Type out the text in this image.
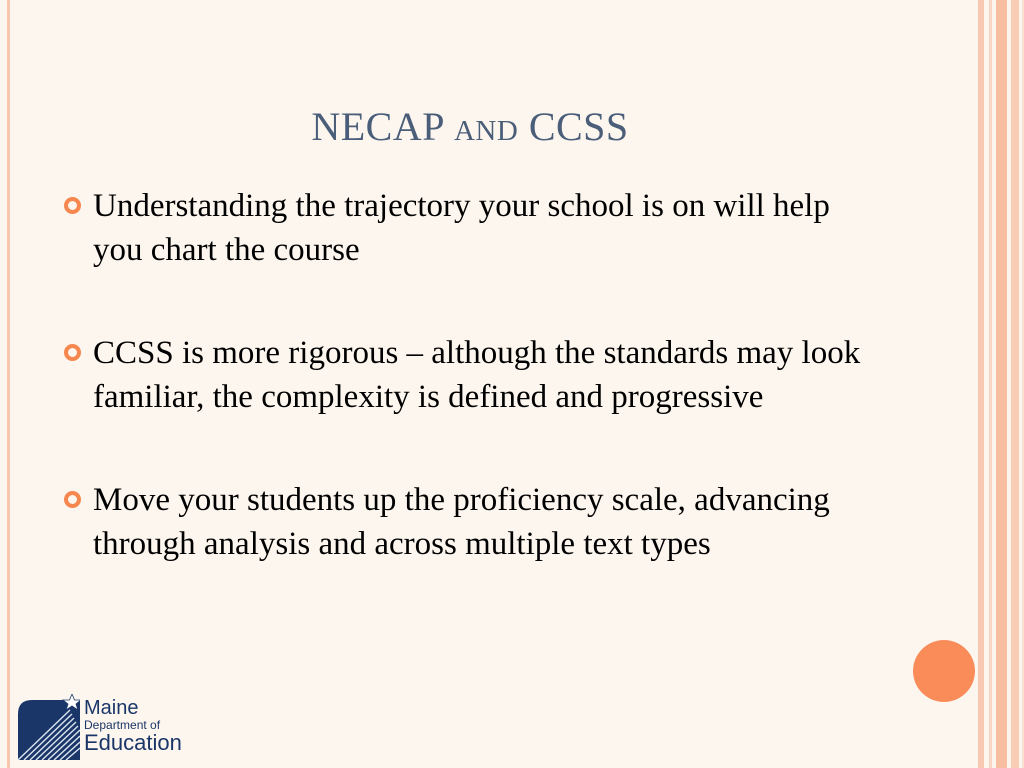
NECAP AND CCSS
Understanding the trajectory your school is on will help you chart the course
CCSS is more rigorous – although the standards may look familiar, the complexity is defined and progressive
Move your students up the proficiency scale, advancing through analysis and across multiple text types
Maine
Department of
Education
